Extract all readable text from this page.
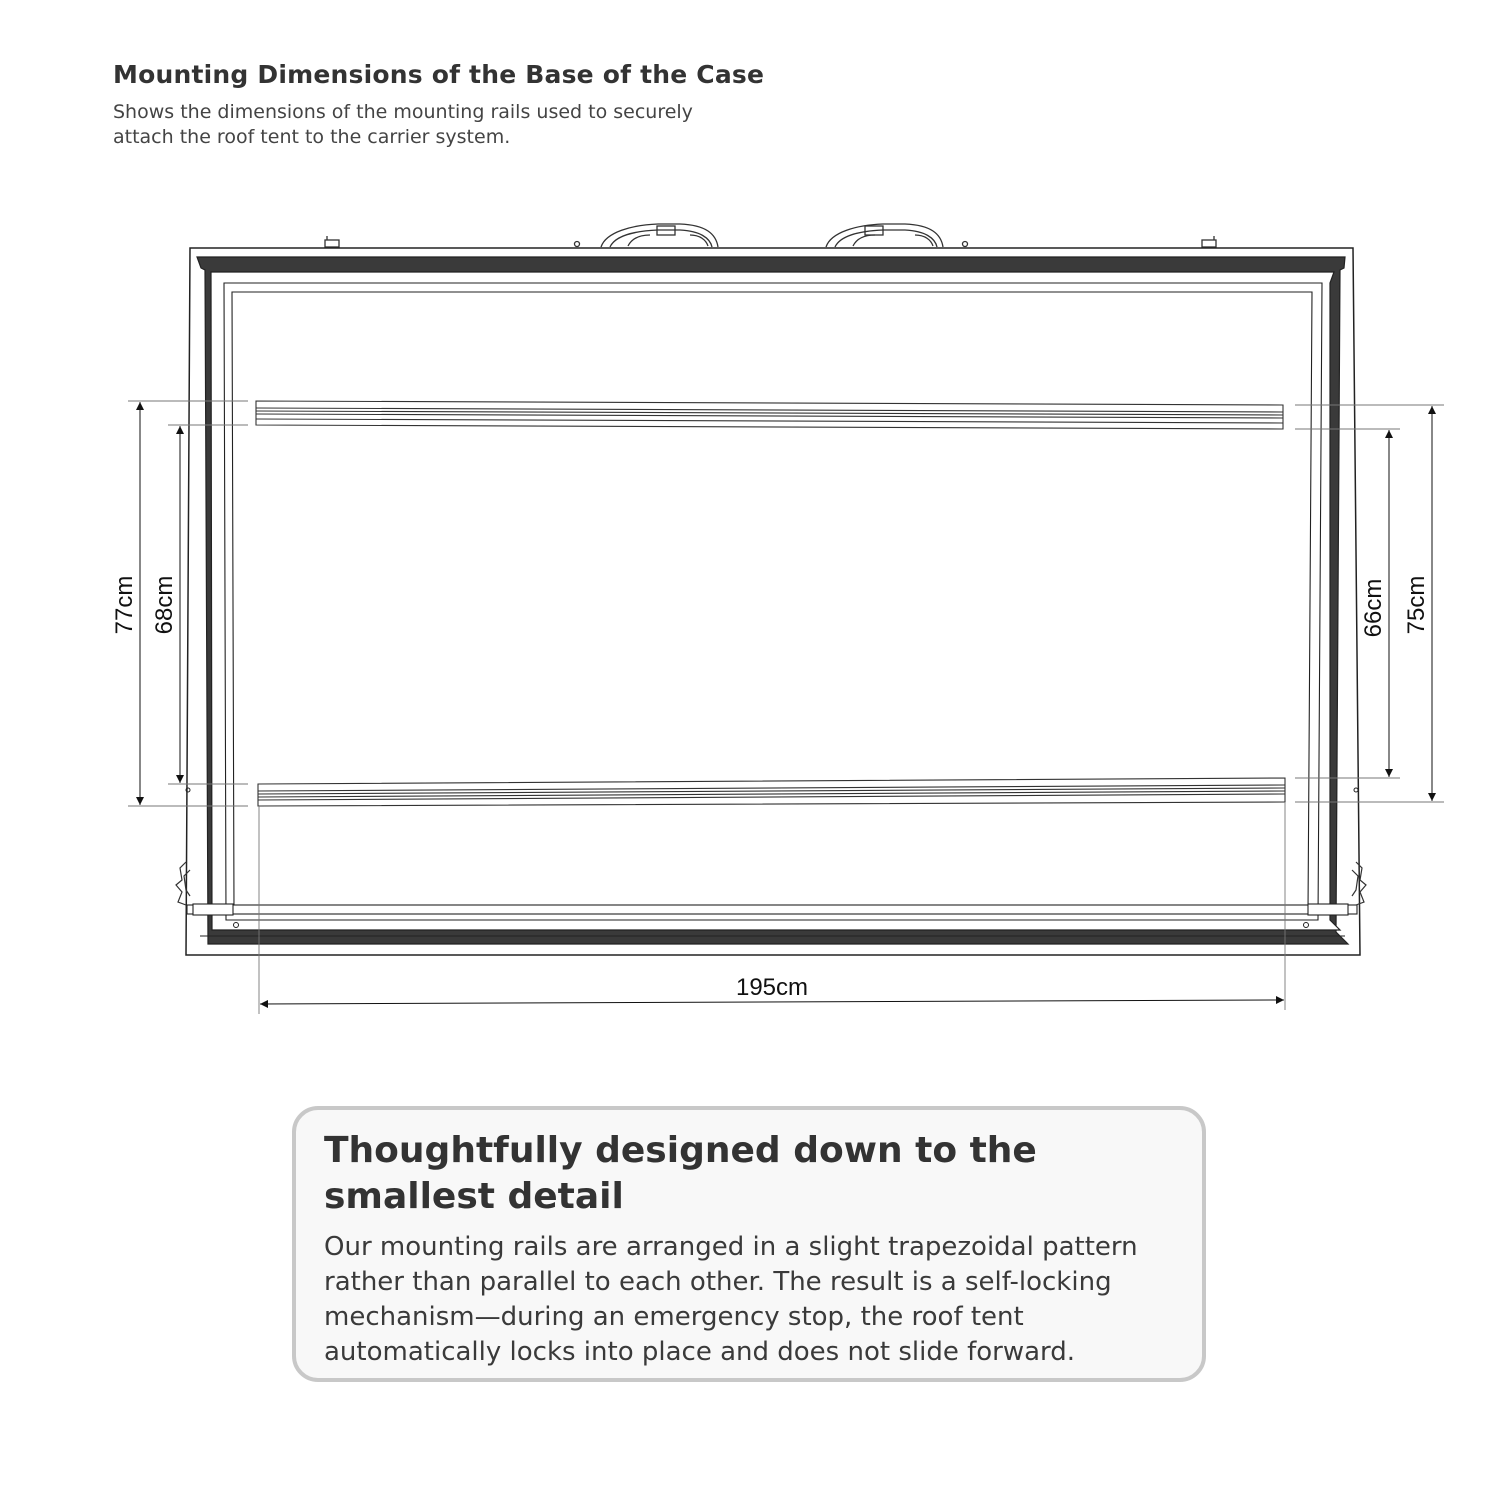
Mounting Dimensions of the Base of the Case

Shows the dimensions of the mounting rails used to securely attach the roof tent to the carrier system.

77cm 68cm	66cm 75cm
195cm
Thoughtfully designed down to the smallest detail

Our mounting rails are arranged in a slight trapezoidal pattern rather than parallel to each other. The result is a self-locking mechanism—during an emergency stop, the roof tent automatically locks into place and does not slide forward.
